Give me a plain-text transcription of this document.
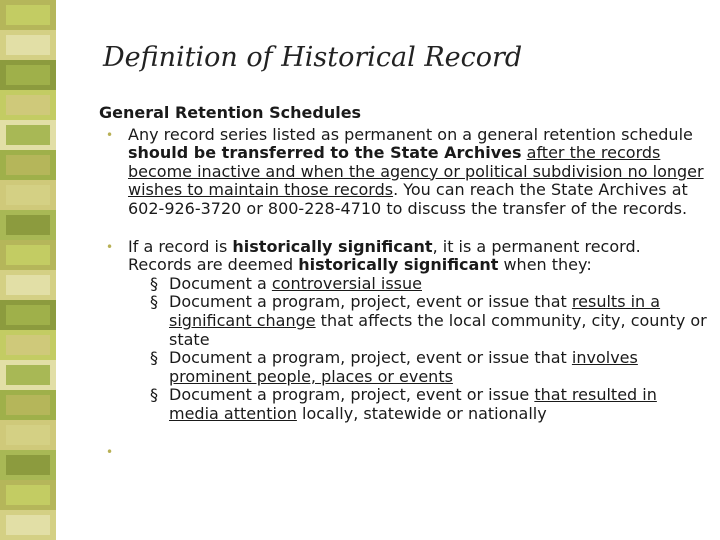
Definition of Historical Record
General Retention Schedules
• Any record series listed as permanent on a general retention schedule should be transferred to the State Archives after the records become inactive and when the agency or political subdivision no longer wishes to maintain those records. You can reach the State Archives at 602-926-3720 or 800-228-4710 to discuss the transfer of the records.
• If a record is historically significant, it is a permanent record. Records are deemed historically significant when they:
§ Document a controversial issue
§ Document a program, project, event or issue that results in a significant change that affects the local community, city, county or state
§ Document a program, project, event or issue that involves prominent people, places or events
§ Document a program, project, event or issue that resulted in media attention locally, statewide or nationally
•
